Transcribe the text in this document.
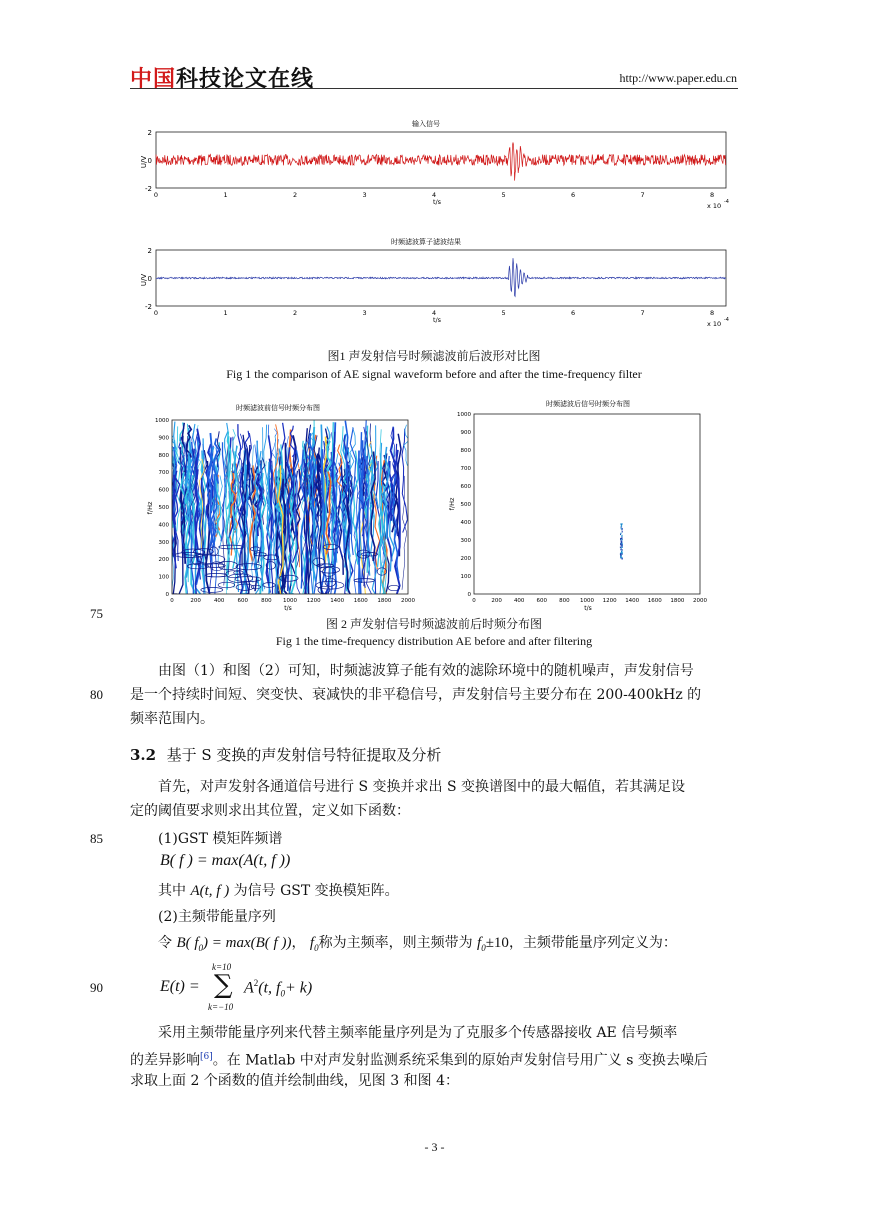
中国科技论文在线	http://www.paper.edu.cn
输入信号
U/V
2
0
-2
0	1	2	3	4	5	6	7	8
t/s	x 10 -4
时频滤波算子滤波结果
U/V
2
0
-2
0	1	2	3	4	5	6	7	8
t/s	x 10 -4
图1 声发射信号时频滤波前后波形对比图
Fig 1 the comparison of AE signal waveform before and after the time-frequency filter
时频滤波前信号时频分布图
f/Hz
1000
900
800
700
600
500
400
300
200
100
0
0	200 400 600 800 1000 1200 1400 1600 1800 2000
t/s
时频滤波后信号时频分布图
f/Hz
1000
900
800
700
600
500
400
300
200
100
0
0	200 400 600 800 1000 1200 1400 1600 1800 2000
t/s
75
图 2 声发射信号时频滤波前后时频分布图
Fig 1 the time-frequency distribution AE before and after filtering
由图（1）和图（2）可知，时频滤波算子能有效的滤除环境中的随机噪声，声发射信号
80 是一个持续时间短、突变快、衰减快的非平稳信号，声发射信号主要分布在 200-400kHz 的
频率范围内。
3.2 基于 S 变换的声发射信号特征提取及分析
首先，对声发射各通道信号进行 S 变换并求出 S 变换谱图中的最大幅值，若其满足设
定的阈值要求则求出其位置，定义如下函数：
85	(1)GST 模矩阵频谱
B( f ) = max(A(t, f ))
其中 A(t, f ) 为信号 GST 变换模矩阵。
(2)主频带能量序列
令 B( $f_0) = \max(B$( f ))， $f_0$称为主频率，则主频带为 $f_0\pm 10$，主频带能量序列定义为：
90	E(t) =
k=10
∑
k=−10
$A^2(t$, $f_0+ k$)
采用主频带能量序列来代替主频率能量序列是为了克服多个传感器接收 AE 信号频率
的差异影响[6]。在 Matlab 中对声发射监测系统采集到的原始声发射信号用广义 s 变换去噪后
求取上面 2 个函数的值并绘制曲线，见图 3 和图 4：
- 3 -
